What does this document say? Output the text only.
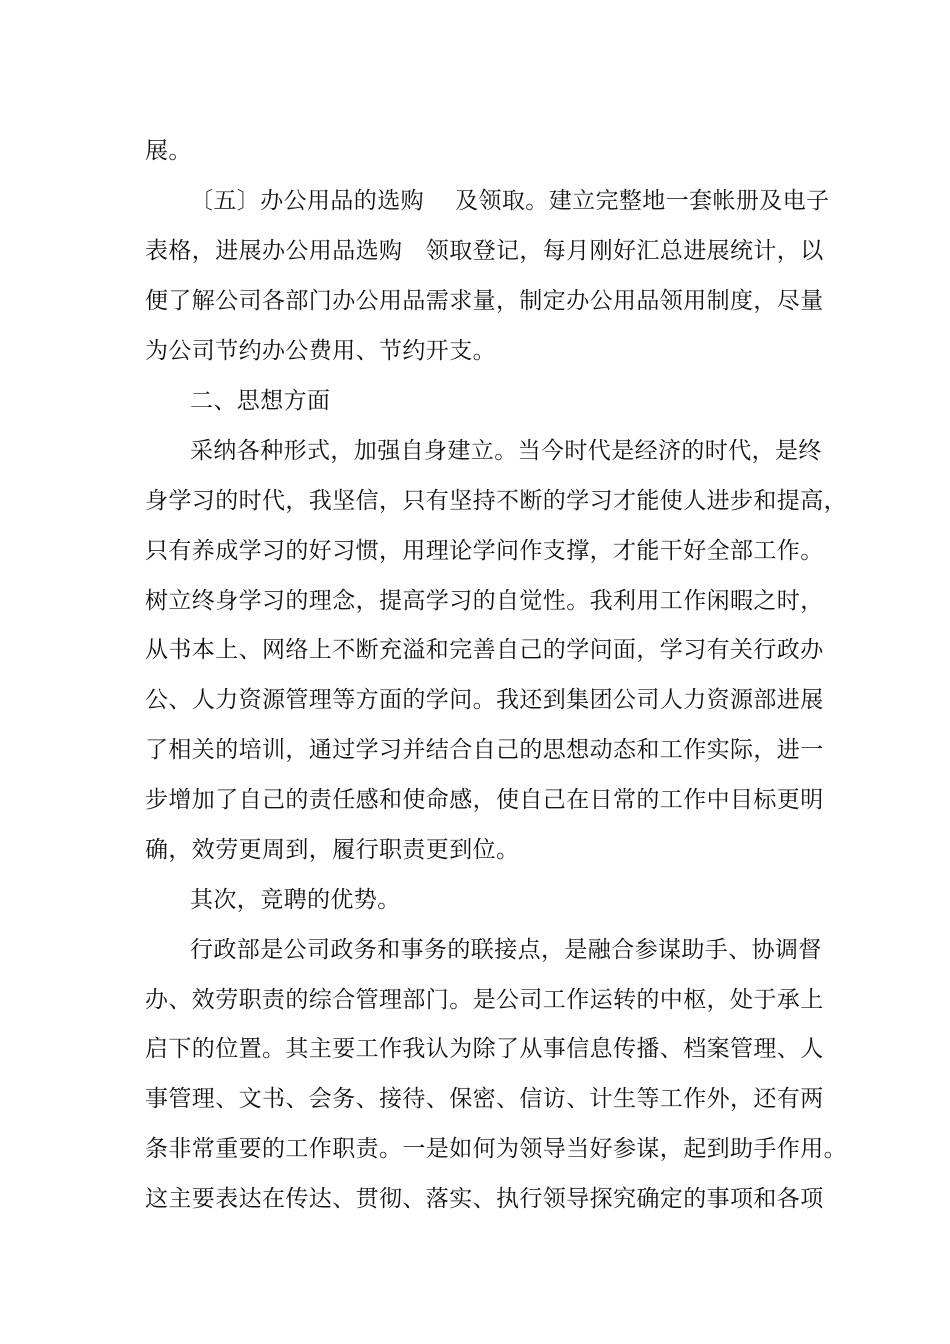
展。
〔五〕办公用品的选购　 及领取。建立完整地一套帐册及电子
表格，进展办公用品选购　领取登记，每月刚好汇总进展统计，以
便了解公司各部门办公用品需求量，制定办公用品领用制度，尽量
为公司节约办公费用、节约开支。
二、思想方面
采纳各种形式，加强自身建立。当今时代是经济的时代，是终
身学习的时代，我坚信，只有坚持不断的学习才能使人进步和提高，
只有养成学习的好习惯，用理论学问作支撑，才能干好全部工作。
树立终身学习的理念，提高学习的自觉性。我利用工作闲暇之时，
从书本上、网络上不断充溢和完善自己的学问面，学习有关行政办
公、人力资源管理等方面的学问。我还到集团公司人力资源部进展
了相关的培训，通过学习并结合自己的思想动态和工作实际，进一
步增加了自己的责任感和使命感，使自己在日常的工作中目标更明
确，效劳更周到，履行职责更到位。
其次，竞聘的优势。
行政部是公司政务和事务的联接点，是融合参谋助手、协调督
办、效劳职责的综合管理部门。是公司工作运转的中枢，处于承上
启下的位置。其主要工作我认为除了从事信息传播、档案管理、人
事管理、文书、会务、接待、保密、信访、计生等工作外，还有两
条非常重要的工作职责。一是如何为领导当好参谋，起到助手作用。
这主要表达在传达、贯彻、落实、执行领导探究确定的事项和各项
